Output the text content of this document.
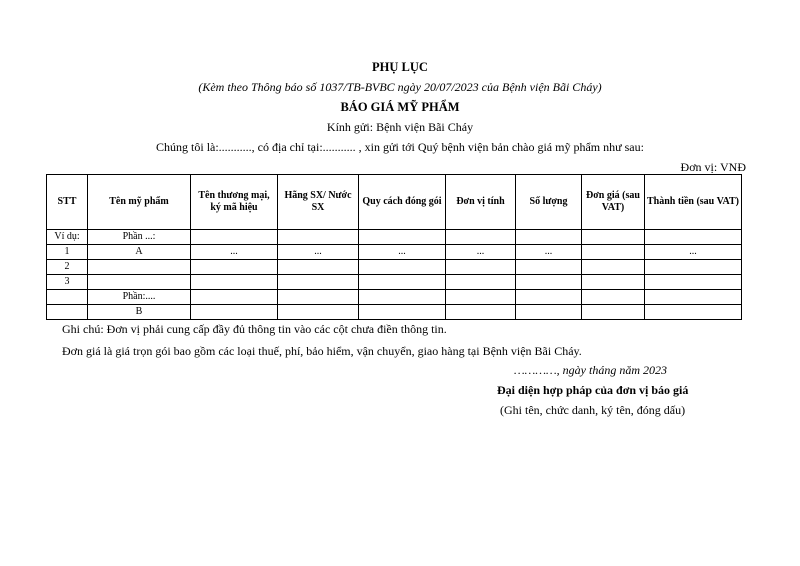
PHỤ LỤC
(Kèm theo Thông báo số 1037/TB-BVBC ngày 20/07/2023 của Bệnh viện Bãi Cháy)
BÁO GIÁ MỸ PHẨM
Kính gửi: Bệnh viện Bãi Cháy
Chúng tôi là:..........., có địa chỉ tại:........... , xin gửi tới Quý bệnh viện bản chào giá mỹ phẩm như sau:
Đơn vị: VNĐ
STT	Tên mỹ phẩm	Tên thương mại, ký mã hiệu	Hãng SX/ Nước SX	Quy cách đóng gói	Đơn vị tính	Số lượng	Đơn giá (sau VAT)	Thành tiền (sau VAT)
Ví dụ:	Phần ...:							
1	A	...	...	...	...	...		...
2								
3								
	Phần:....							
	B							
Ghi chú: Đơn vị phải cung cấp đầy đủ thông tin vào các cột chưa điền thông tin.
Đơn giá là giá trọn gói bao gồm các loại thuế, phí, bảo hiểm, vận chuyển, giao hàng tại Bệnh viện Bãi Cháy.
…………, ngày tháng năm 2023
Đại diện hợp pháp của đơn vị báo giá
(Ghi tên, chức danh, ký tên, đóng dấu)
